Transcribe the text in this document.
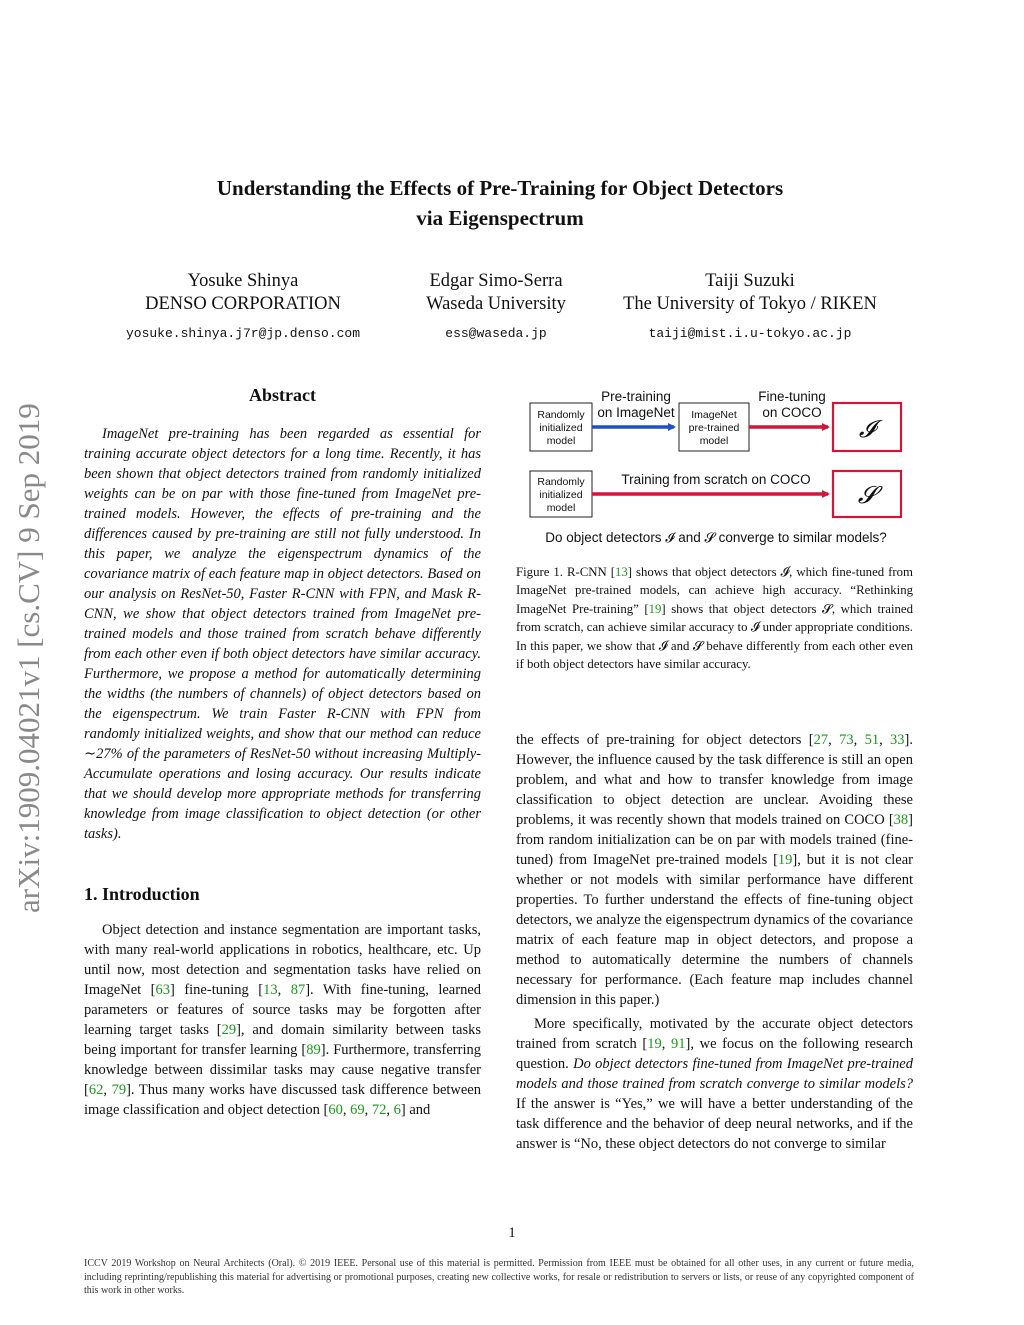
arXiv:1909.04021v1 [cs.CV] 9 Sep 2019
Understanding the Effects of Pre-Training for Object Detectors
via Eigenspectrum
Yosuke Shinya
DENSO CORPORATION
yosuke.shinya.j7r@jp.denso.com
Edgar Simo-Serra
Waseda University
ess@waseda.jp
Taiji Suzuki
The University of Tokyo / RIKEN
taiji@mist.i.u-tokyo.ac.jp
Abstract

ImageNet pre-training has been regarded as essential for training accurate object detectors for a long time. Recently, it has been shown that object detectors trained from randomly initialized weights can be on par with those fine-tuned from ImageNet pre-trained models. However, the effects of pre-training and the differences caused by pre-training are still not fully understood. In this paper, we analyze the eigenspectrum dynamics of the covariance matrix of each feature map in object detectors. Based on our analysis on ResNet-50, Faster R-CNN with FPN, and Mask R-CNN, we show that object detectors trained from ImageNet pre-trained models and those trained from scratch behave differently from each other even if both object detectors have similar accuracy. Furthermore, we propose a method for automatically determining the widths (the numbers of channels) of object detectors based on the eigenspectrum. We train Faster R-CNN with FPN from randomly initialized weights, and show that our method can reduce ∼27% of the parameters of ResNet-50 without increasing Multiply-Accumulate operations and losing accuracy. Our results indicate that we should develop more appropriate methods for transferring knowledge from image classification to object detection (or other tasks).

1. Introduction

Object detection and instance segmentation are important tasks, with many real-world applications in robotics, healthcare, etc. Up until now, most detection and segmentation tasks have relied on ImageNet [63] fine-tuning [13, 87]. With fine-tuning, learned parameters or features of source tasks may be forgotten after learning target tasks [29], and domain similarity between tasks being important for transfer learning [89]. Furthermore, transferring knowledge between dissimilar tasks may cause negative transfer [62, 79]. Thus many works have discussed task difference between image classification and object detection [60, 69, 72, 6] and

Pre-training
on ImageNet
Fine-tuning
on COCO
Randomly
initialized
model
ImageNet
pre-trained
model	𝓘
Training from scratch on COCO
Randomly
initialized
model	𝓢
Do object detectors 𝓘 and 𝓢 converge to similar models?

Figure 1. R-CNN [13] shows that object detectors 𝓘, which fine-tuned from ImageNet pre-trained models, can achieve high accuracy. “Rethinking ImageNet Pre-training” [19] shows that object detectors 𝓢, which trained from scratch, can achieve similar accuracy to 𝓘 under appropriate conditions. In this paper, we show that 𝓘 and 𝓢 behave differently from each other even if both object detectors have similar accuracy.

the effects of pre-training for object detectors [27, 73, 51, 33]. However, the influence caused by the task difference is still an open problem, and what and how to transfer knowledge from image classification to object detection are unclear. Avoiding these problems, it was recently shown that models trained on COCO [38] from random initialization can be on par with models trained (fine-tuned) from ImageNet pre-trained models [19], but it is not clear whether or not models with similar performance have different properties. To further understand the effects of fine-tuning object detectors, we analyze the eigenspectrum dynamics of the covariance matrix of each feature map in object detectors, and propose a method to automatically determine the numbers of channels necessary for performance. (Each feature map includes channel dimension in this paper.)

More specifically, motivated by the accurate object detectors trained from scratch [19, 91], we focus on the following research question. Do object detectors fine-tuned from ImageNet pre-trained models and those trained from scratch converge to similar models? If the answer is “Yes,” we will have a better understanding of the task difference and the behavior of deep neural networks, and if the answer is “No, these object detectors do not converge to similar

1

ICCV 2019 Workshop on Neural Architects (Oral). © 2019 IEEE. Personal use of this material is permitted. Permission from IEEE must be obtained for all other uses, in any current or future media, including reprinting/republishing this material for advertising or promotional purposes, creating new collective works, for resale or redistribution to servers or lists, or reuse of any copyrighted component of this work in other works.
